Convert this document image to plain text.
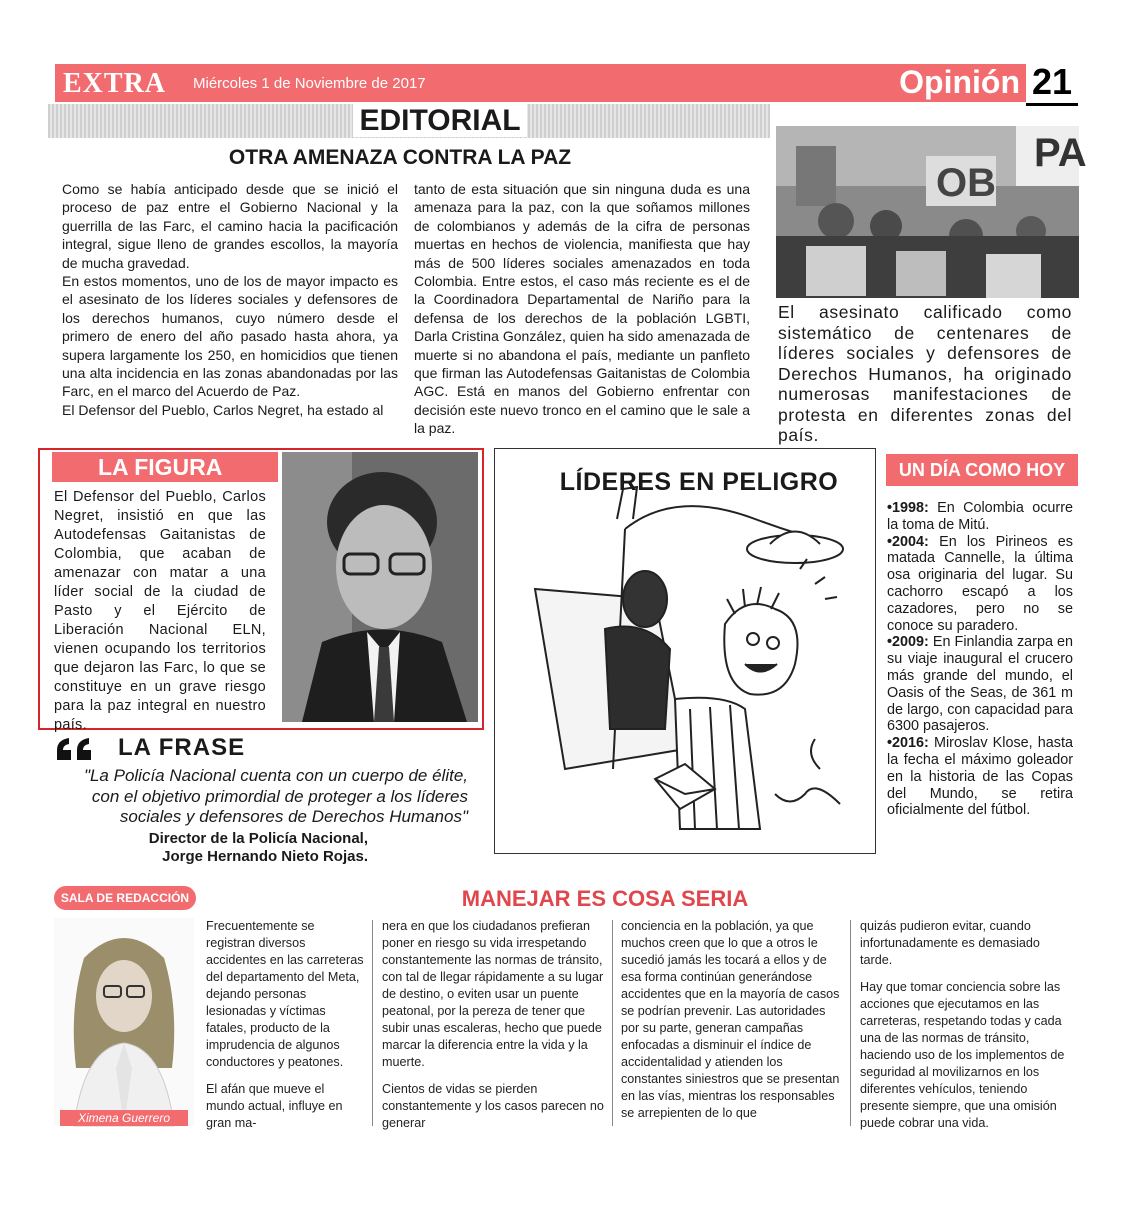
EXTRA Miércoles 1 de Noviembre de 2017	Opinión 21
EDITORIAL
OTRA AMENAZA CONTRA LA PAZ

Como se había anticipado desde que se inició el proceso de paz entre el Gobierno Nacional y la guerrilla de las Farc, el camino hacia la pacificación integral, sigue lleno de grandes escollos, la mayoría de mucha gravedad.

En estos momentos, uno de los de mayor impacto es el asesinato de los líderes sociales y defensores de los derechos humanos, cuyo número desde el primero de enero del año pasado hasta ahora, ya supera largamente los 250, en homicidios que tienen una alta incidencia en las zonas abandonadas por las Farc, en el marco del Acuerdo de Paz.

El Defensor del Pueblo, Carlos Negret, ha estado al

tanto de esta situación que sin ninguna duda es una amenaza para la paz, con la que soñamos millones de colombianos y además de la cifra de personas muertas en hechos de violencia, manifiesta que hay más de 500 líderes sociales amenazados en toda Colombia. Entre estos, el caso más reciente es el de la Coordinadora Departamental de Nariño para la defensa de los derechos de la población LGBTI, Darla Cristina González, quien ha sido amenazada de muerte si no abandona el país, mediante un panfleto que firman las Autodefensas Gaitanistas de Colombia AGC. Está en manos del Gobierno enfrentar con decisión este nuevo tronco en el camino que le sale a la paz.

OB
PA
El asesinato calificado como sistemático de centenares de líderes sociales y defensores de Derechos Humanos, ha originado numerosas manifestaciones de protesta en diferentes zonas del país.
LA FIGURA
El Defensor del Pueblo, Carlos Negret, insistió en que las Autodefensas Gaitanistas de Colombia, que acaban de amenazar con matar a una líder social de la ciudad de Pasto y el Ejército de Liberación Nacional ELN, vienen ocupando los territorios que dejaron las Farc, lo que se constituye en un grave riesgo para la paz integral en nuestro país.
LA FRASE
"La Policía Nacional cuenta con un cuerpo de élite, con el objetivo primordial de proteger a los líderes sociales y defensores de Derechos Humanos"
Director de la Policía Nacional,
Jorge Hernando Nieto Rojas.
LÍDERES EN PELIGRO	UN DÍA COMO HOY

•1998: En Colombia ocurre la toma de Mitú.

•2004: En los Pirineos es matada Cannelle, la última osa originaria del lugar. Su cachorro escapó a los cazadores, pero no se conoce su paradero.

•2009: En Finlandia zarpa en su viaje inaugural el crucero más grande del mundo, el Oasis of the Seas, de 361 m de largo, con capacidad para 6300 pasajeros.

•2016: Miroslav Klose, hasta la fecha el máximo goleador en la historia de las Copas del Mundo, se retira oficialmente del fútbol.

SALA DE REDACCIÓN	MANEJAR ES COSA SERIA
Ximena Guerrero

Frecuentemente se registran diversos accidentes en las carreteras del departamento del Meta, dejando personas lesionadas y víctimas fatales, producto de la imprudencia de algunos conductores y peatones.

El afán que mueve el mundo actual, influye en gran ma-

nera en que los ciudadanos prefieran poner en riesgo su vida irrespetando constantemente las normas de tránsito, con tal de llegar rápidamente a su lugar de destino, o eviten usar un puente peatonal, por la pereza de tener que subir unas escaleras, hecho que puede marcar la diferencia entre la vida y la muerte.

Cientos de vidas se pierden constantemente y los casos parecen no generar

conciencia en la población, ya que muchos creen que lo que a otros le sucedió jamás les tocará a ellos y de esa forma continúan generándose accidentes que en la mayoría de casos se podrían prevenir. Las autoridades por su parte, generan campañas enfocadas a disminuir el índice de accidentalidad y atienden los constantes siniestros que se presentan en las vías, mientras los responsables se arrepienten de lo que

quizás pudieron evitar, cuando infortunadamente es demasiado tarde.

Hay que tomar conciencia sobre las acciones que ejecutamos en las carreteras, respetando todas y cada una de las normas de tránsito, haciendo uso de los implementos de seguridad al movilizarnos en los diferentes vehículos, teniendo presente siempre, que una omisión puede cobrar una vida.
